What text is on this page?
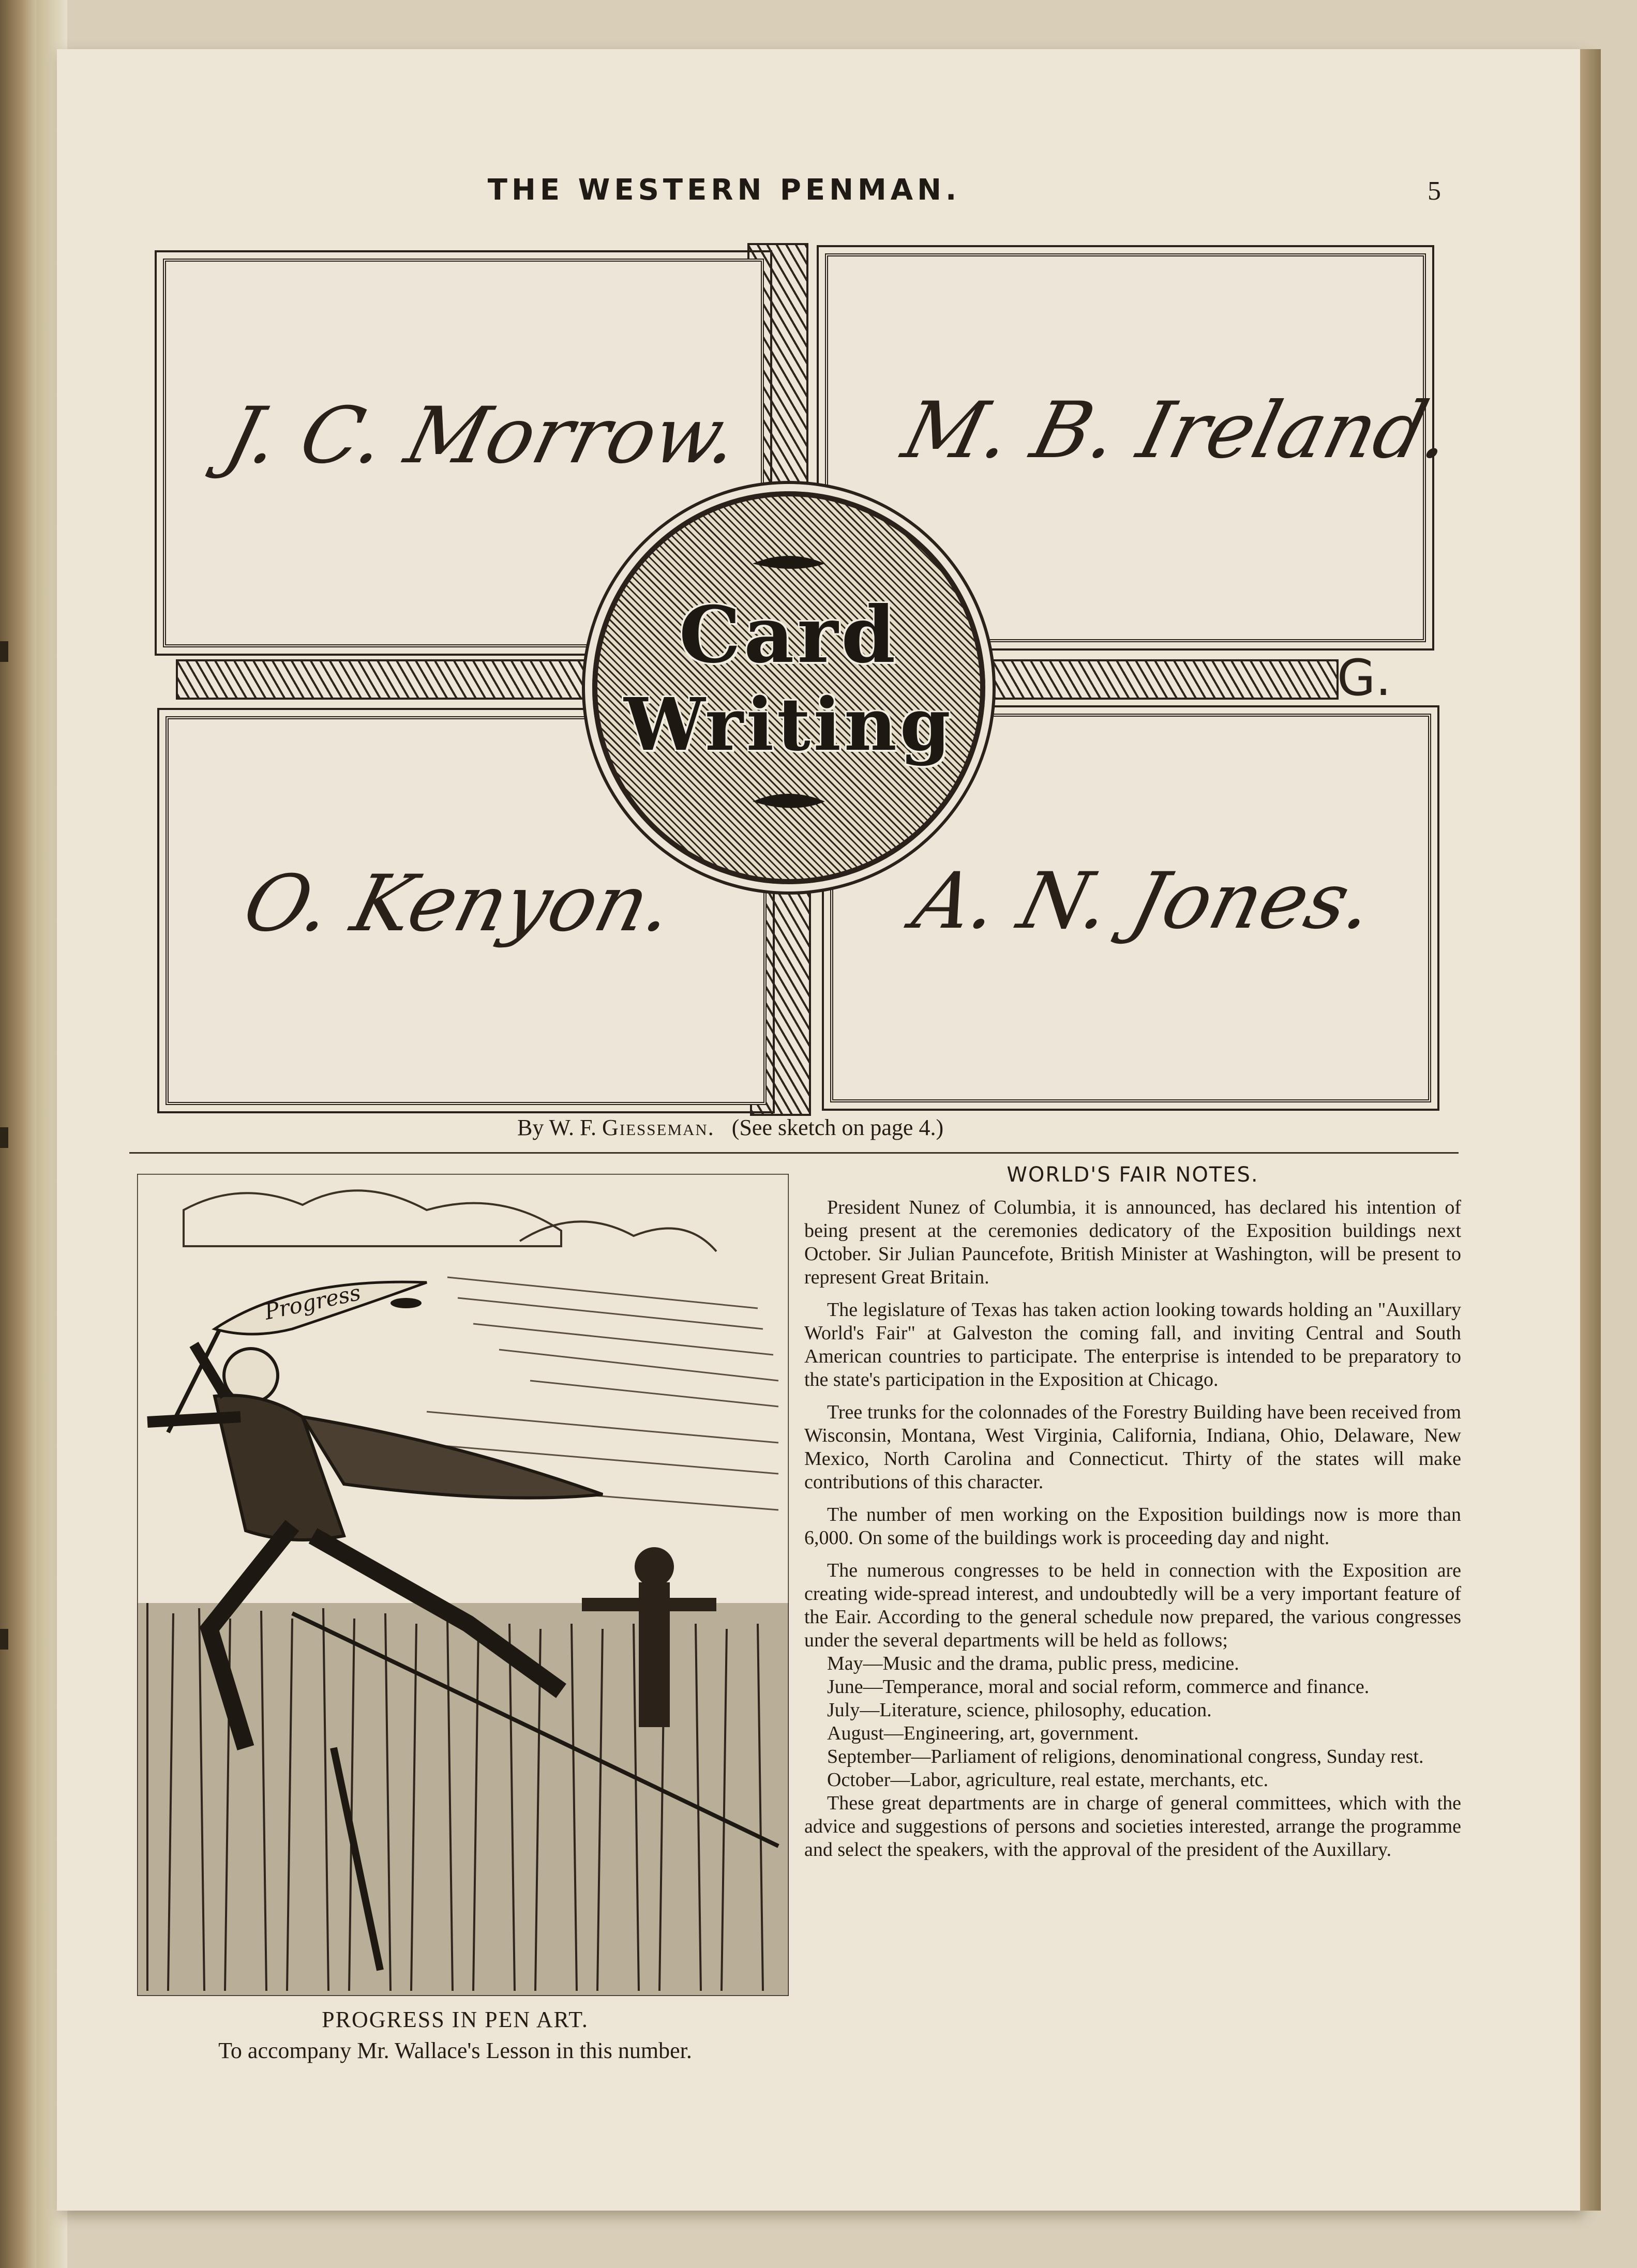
THE WESTERN PENMAN.	5
J. C. Morrow. M. B. Ireland.
O. Kenyon.	A. N. Jones.
Card
Writing
G.
By W. F. Giesseman. (See sketch on page 4.)
Progress
PROGRESS IN PEN ART.
To accompany Mr. Wallace's Lesson in this number.
WORLD'S FAIR NOTES.

President Nunez of Columbia, it is announced, has declared his intention of being present at the ceremonies dedicatory of the Exposition buildings next October. Sir Julian Pauncefote, British Minister at Washington, will be present to represent Great Britain.

The legislature of Texas has taken action looking towards holding an "Auxillary World's Fair" at Galveston the coming fall, and inviting Central and South American countries to participate. The enterprise is intended to be preparatory to the state's participation in the Exposition at Chicago.

Tree trunks for the colonnades of the Forestry Building have been received from Wisconsin, Montana, West Virginia, California, Indiana, Ohio, Delaware, New Mexico, North Carolina and Connecticut. Thirty of the states will make contributions of this character.

The number of men working on the Exposition buildings now is more than 6,000. On some of the buildings work is proceeding day and night.

The numerous congresses to be held in connection with the Exposition are creating wide-spread interest, and undoubtedly will be a very important feature of the Eair. According to the general schedule now prepared, the various congresses under the several departments will be held as follows;

May—Music and the drama, public press, medicine.

June—Temperance, moral and social reform, commerce and finance.

July—Literature, science, philosophy, education.

August—Engineering, art, government.

September—Parliament of religions, denominational congress, Sunday rest.

October—Labor, agriculture, real estate, merchants, etc.

These great departments are in charge of general committees, which with the advice and suggestions of persons and societies interested, arrange the programme and select the speakers, with the approval of the president of the Auxillary.
